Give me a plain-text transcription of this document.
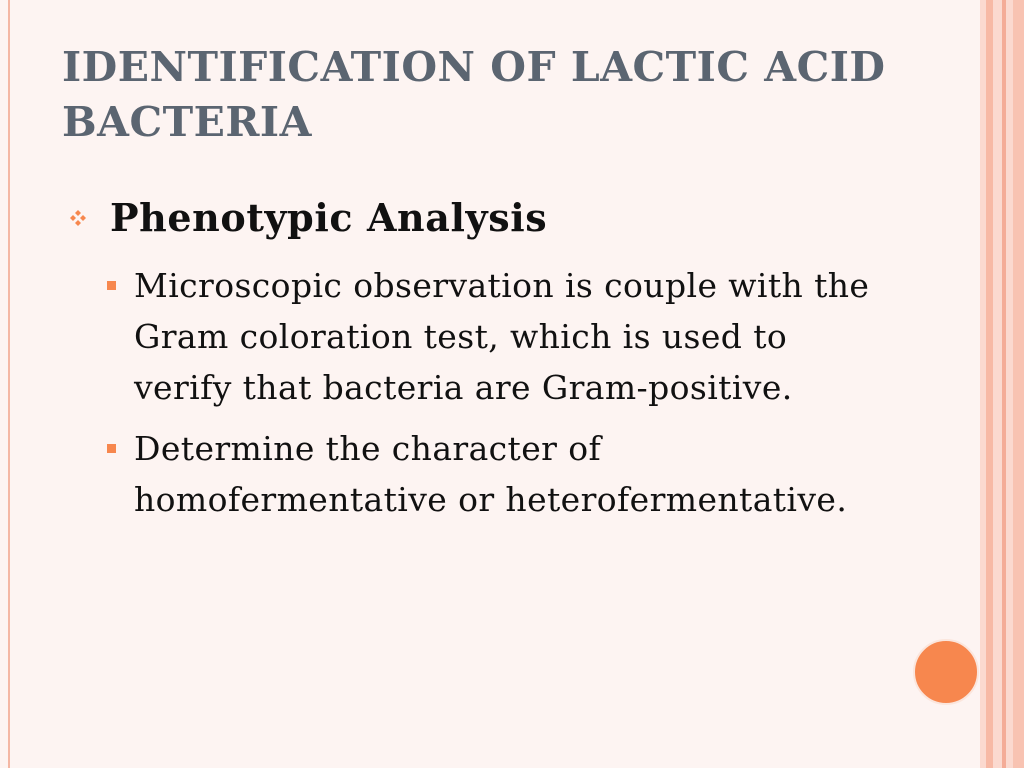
IDENTIFICATION OF LACTIC ACID BACTERIA
Phenotypic Analysis
Microscopic observation is couple with the Gram coloration test, which is used to verify that bacteria are Gram-positive.
Determine the character of homofermentative or heterofermentative.
